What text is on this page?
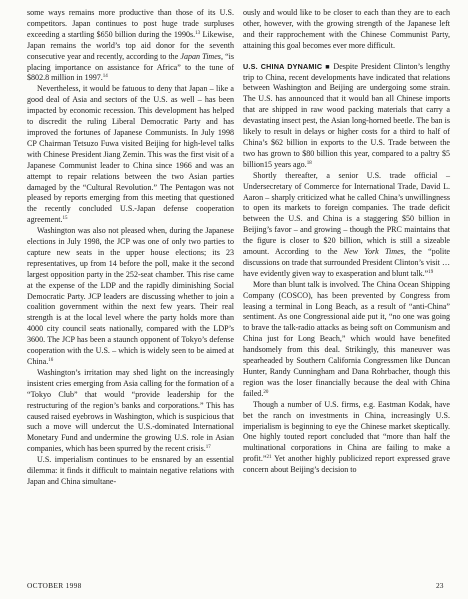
some ways remains more productive than those of its U.S. competitors. Japan continues to post huge trade surpluses exceeding a startling $650 billion during the 1990s.$^{13}$ Likewise, Japan remains the world’s top aid donor for the seventh consecutive year and recently, according to the Japan Times, “is placing importance on assistance for Africa” to the tune of $802.8 million in 1997.14

Nevertheless, it would be fatuous to deny that Japan – like a good deal of Asia and sectors of the U.S. as well – has been impacted by economic recession. This development has helped to discredit the ruling Liberal Democratic Party and has improved the fortunes of Japanese Communists. In July 1998 CP Chairman Tetsuzo Fuwa visited Beijing for high-level talks with Chinese President Jiang Zemin. This was the first visit of a Japanese Communist leader to China since 1966 and was an attempt to repair relations between the two Asian parties damaged by the “Cultural Revolution.” The Pentagon was not pleased by reports emerging from this meeting that questioned the recently concluded U.S.-Japan defense cooperation agreement.$^{15}$

Washington was also not pleased when, during the Japanese elections in July 1998, the JCP was one of only two parties to capture new seats in the upper house elections; its 23 representatives, up from 14 before the poll, make it the second largest opposition party in the 252-seat chamber. This rise came at the expense of the LDP and the rapidly diminishing Social Democratic Party. JCP leaders are discussing whether to join a coalition government within the next few years. Their real strength is at the local level where the party holds more than 4000 city council seats nationally, compared with the LDP’s 3600. The JCP has been a staunch opponent of Tokyo’s defense cooperation with the U.S. – which is widely seen to be aimed at China.$^{16}$

Washington’s irritation may shed light on the increasingly insistent cries emerging from Asia calling for the formation of a “Tokyo Club” that would “provide leadership for the restructuring of the region’s banks and corporations.” This has caused raised eyebrows in Washington, which is suspicious that such a move will undercut the U.S.-dominated International Monetary Fund and undermine the growing U.S. role in Asian companies, which has been spurred by the recent crisis.$^{17}$

U.S. imperialism continues to be ensnared by an essential dilemma: it finds it difficult to maintain negative relations with Japan and China simultane-

ously and would like to be closer to each than they are to each other, however, with the growing strength of the Japanese left and their rapprochement with the Chinese Communist Party, attaining this goal becomes ever more difficult.

U.S. CHINA DYNAMIC ■ Despite President Clinton’s lengthy trip to China, recent developments have indicated that relations between Washington and Beijing are undergoing some strain. The U.S. has announced that it would ban all Chinese imports that are shipped in raw wood packing materials that carry a devastating insect pest, the Asian long-horned beetle. The ban is likely to result in delays or higher costs for a third to half of China’s $62 billion in exports to the U.S. Trade between the two has grown to $80 billion this year, compared to a paltry $5 billion15 years ago.$^{18}$

Shortly thereafter, a senior U.S. trade official – Undersecretary of Commerce for International Trade, David L. Aaron – sharply criticized what he called China’s unwillingness to open its markets to foreign companies. The trade deficit between the U.S. and China is a staggering $50 billion in Beijing’s favor – and growing – though the PRC maintains that the figure is closer to $20 billion, which is still a sizeable amount. According to the New York Times, the “polite discussions on trade that surrounded President Clinton’s visit … have evidently given way to exasperation and blunt talk.”$^{19}$

More than blunt talk is involved. The China Ocean Shipping Company (COSCO), has been prevented by Congress from leasing a terminal in Long Beach, as a result of “anti-China” sentiment. As one Congressional aide put it, “no one was going to brave the talk-radio attacks as being soft on Communism and China just for Long Beach,” which would have benefited handsomely from this deal. Strikingly, this maneuver was spearheaded by Southern California Congressmen like Duncan Hunter, Randy Cunningham and Dana Rohrbacher, though this region was the loser financially because the deal with China failed.$^{20}$

Though a number of U.S. firms, e.g. Eastman Kodak, have bet the ranch on investments in China, increasingly U.S. imperialism is beginning to eye the Chinese market skeptically. One highly touted report concluded that “more than half the multinational corporations in China are failing to make a profit.”$^{21}$ Yet another highly publicized report expressed grave concern about Beijing’s decision to

OCTOBER 1998	23
